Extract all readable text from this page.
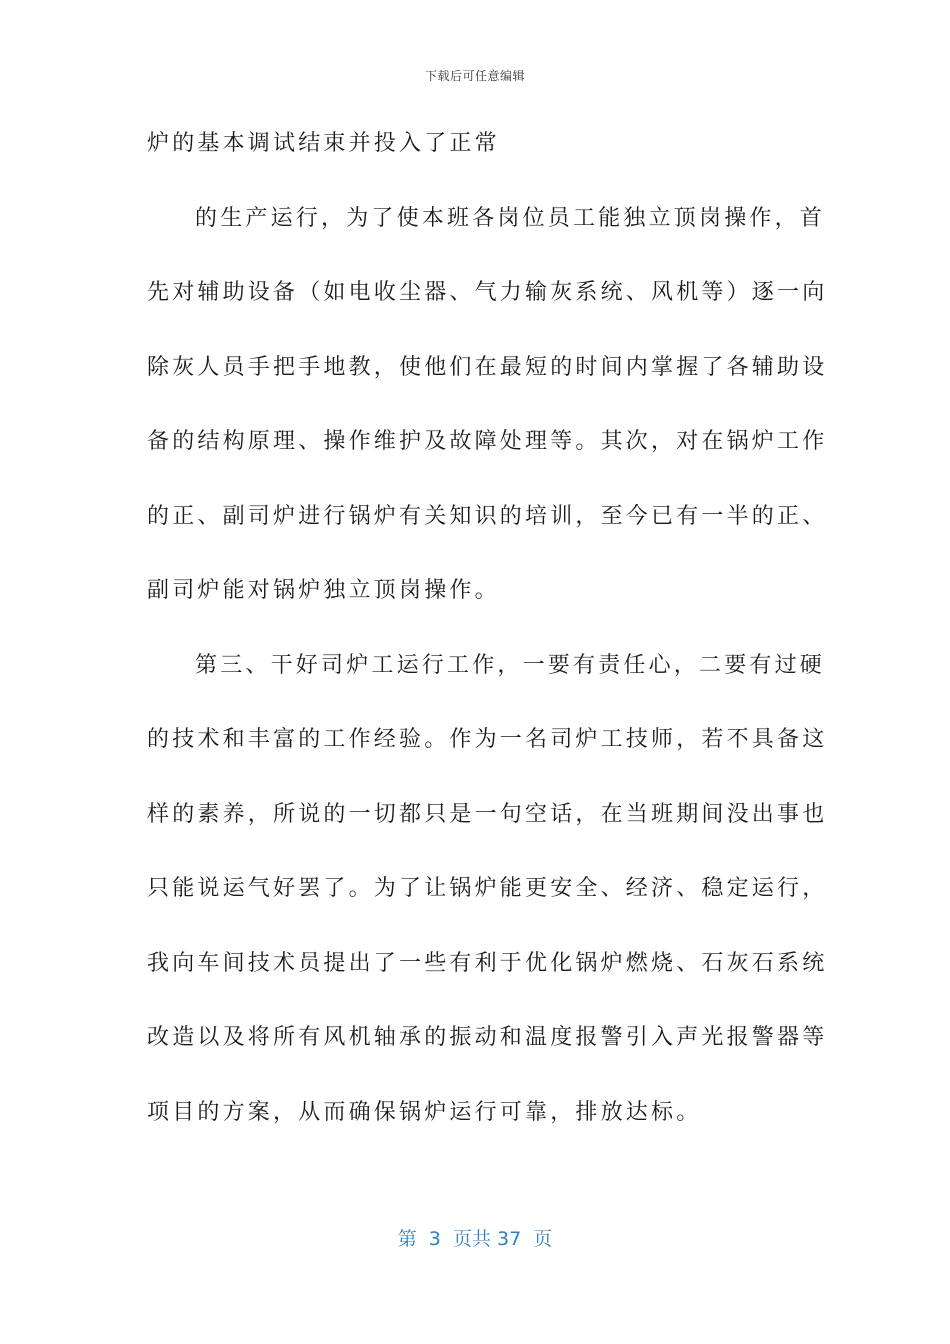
下载后可任意编辑
炉的基本调试结束并投入了正常
的生产运行，为了使本班各岗位员工能独立顶岗操作，首
先对辅助设备（如电收尘器、气力输灰系统、风机等）逐一向
除灰人员手把手地教，使他们在最短的时间内掌握了各辅助设
备的结构原理、操作维护及故障处理等。其次，对在锅炉工作
的正、副司炉进行锅炉有关知识的培训，至今已有一半的正、
副司炉能对锅炉独立顶岗操作。
第三、干好司炉工运行工作，一要有责任心，二要有过硬
的技术和丰富的工作经验。作为一名司炉工技师，若不具备这
样的素养，所说的一切都只是一句空话，在当班期间没出事也
只能说运气好罢了。为了让锅炉能更安全、经济、稳定运行，
我向车间技术员提出了一些有利于优化锅炉燃烧、石灰石系统
改造以及将所有风机轴承的振动和温度报警引入声光报警器等
项目的方案，从而确保锅炉运行可靠，排放达标。
第  3  页共 37  页
